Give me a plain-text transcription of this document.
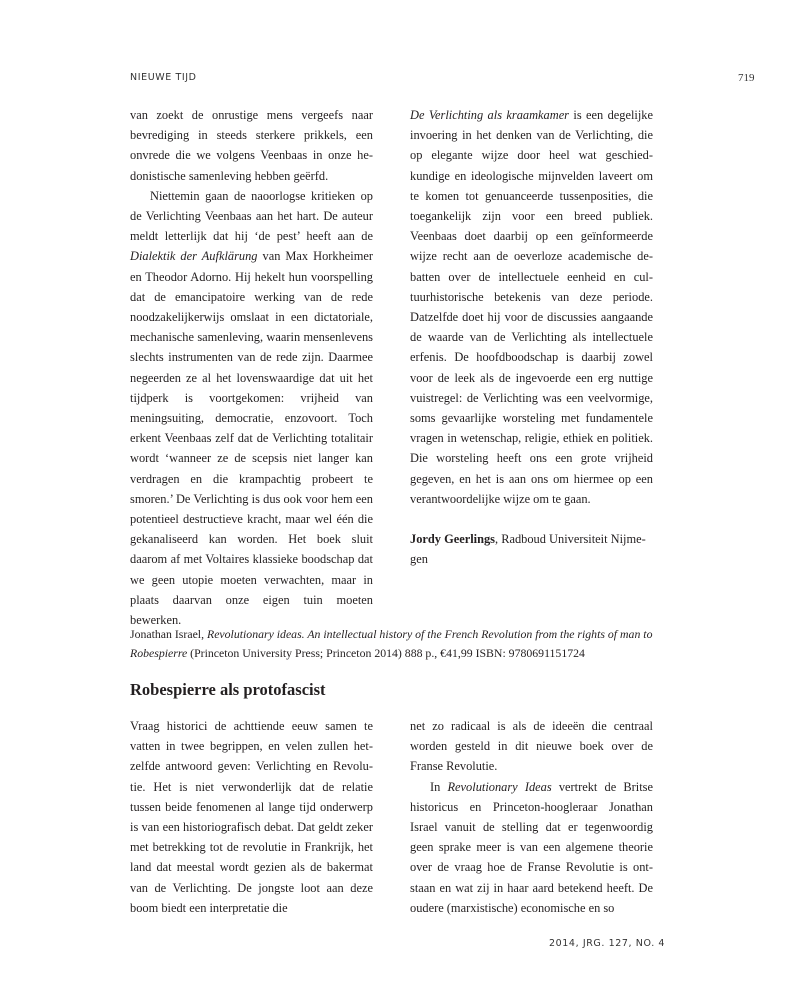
NIEUWE TIJD	719

van zoekt de onrustige mens vergeefs naar bevrediging in steeds sterkere prikkels, een onvrede die we volgens Veenbaas in onze hedonistische samenleving hebben geërfd.

Niettemin gaan de naoorlogse kritieken op de Verlichting Veenbaas aan het hart. De auteur meldt letterlijk dat hij ‘de pest’ heeft aan de Dialektik der Aufklärung van Max Horkheimer en Theodor Adorno. Hij hekelt hun voorspelling dat de emancipatoire werking van de rede noodzakelijkerwijs omslaat in een dictatoriale, mechanische samenleving, waarin mensenlevens slechts instrumenten van de rede zijn. Daarmee negeerden ze al het lovenswaardige dat uit het tijdperk is voortgekomen: vrijheid van meningsuiting, democratie, enzovoort. Toch erkent Veenbaas zelf dat de Verlichting totalitair wordt ‘wanneer ze de scepsis niet langer kan verdragen en die krampachtig probeert te smoren.’ De Verlichting is dus ook voor hem een potentieel destructieve kracht, maar wel één die gekanaliseerd kan worden. Het boek sluit daarom af met Voltaires klassieke boodschap dat we geen utopie moeten verwachten, maar in plaats daarvan onze eigen tuin moeten bewerken.

De Verlichting als kraamkamer is een degelijke invoering in het denken van de Verlichting, die op elegante wijze door heel wat geschiedkundige en ideologische mijnvelden laveert om te komen tot genuanceerde tussenposities, die toegankelijk zijn voor een breed publiek. Veenbaas doet daarbij op een geïnformeerde wijze recht aan de oeverloze academische debatten over de intellectuele eenheid en cultuurhistorische betekenis van deze periode. Datzelfde doet hij voor de discussies aangaande de waarde van de Verlichting als intellectuele erfenis. De hoofdboodschap is daarbij zowel voor de leek als de ingevoerde een erg nuttige vuistregel: de Verlichting was een veelvormige, soms gevaarlijke worsteling met fundamentele vragen in wetenschap, religie, ethiek en politiek. Die worsteling heeft ons een grote vrijheid gegeven, en het is aan ons om hiermee op een verantwoordelijke wijze om te gaan.

Jordy Geerlings, Radboud Universiteit Nijmegen

Jonathan Israel, Revolutionary ideas. An intellectual history of the French Revolution from the rights of man to Robespierre (Princeton University Press; Princeton 2014) 888 p., €41,99 ISBN: 9780691151724
Robespierre als protofascist

Vraag historici de achttiende eeuw samen te vatten in twee begrippen, en velen zullen hetzelfde antwoord geven: Verlichting en Revolutie. Het is niet verwonderlijk dat de relatie tussen beide fenomenen al lange tijd onderwerp is van een historiografisch debat. Dat geldt zeker met betrekking tot de revolutie in Frankrijk, het land dat meestal wordt gezien als de bakermat van de Verlichting. De jongste loot aan deze boom biedt een interpretatie die

net zo radicaal is als de ideeën die centraal worden gesteld in dit nieuwe boek over de Franse Revolutie.

In Revolutionary Ideas vertrekt de Britse historicus en Princeton-hoogleraar Jonathan Israel vanuit de stelling dat er tegenwoordig geen sprake meer is van een algemene theorie over de vraag hoe de Franse Revolutie is ontstaan en wat zij in haar aard betekend heeft. De oudere (marxistische) economische en so

2014, JRG. 127, NO. 4
